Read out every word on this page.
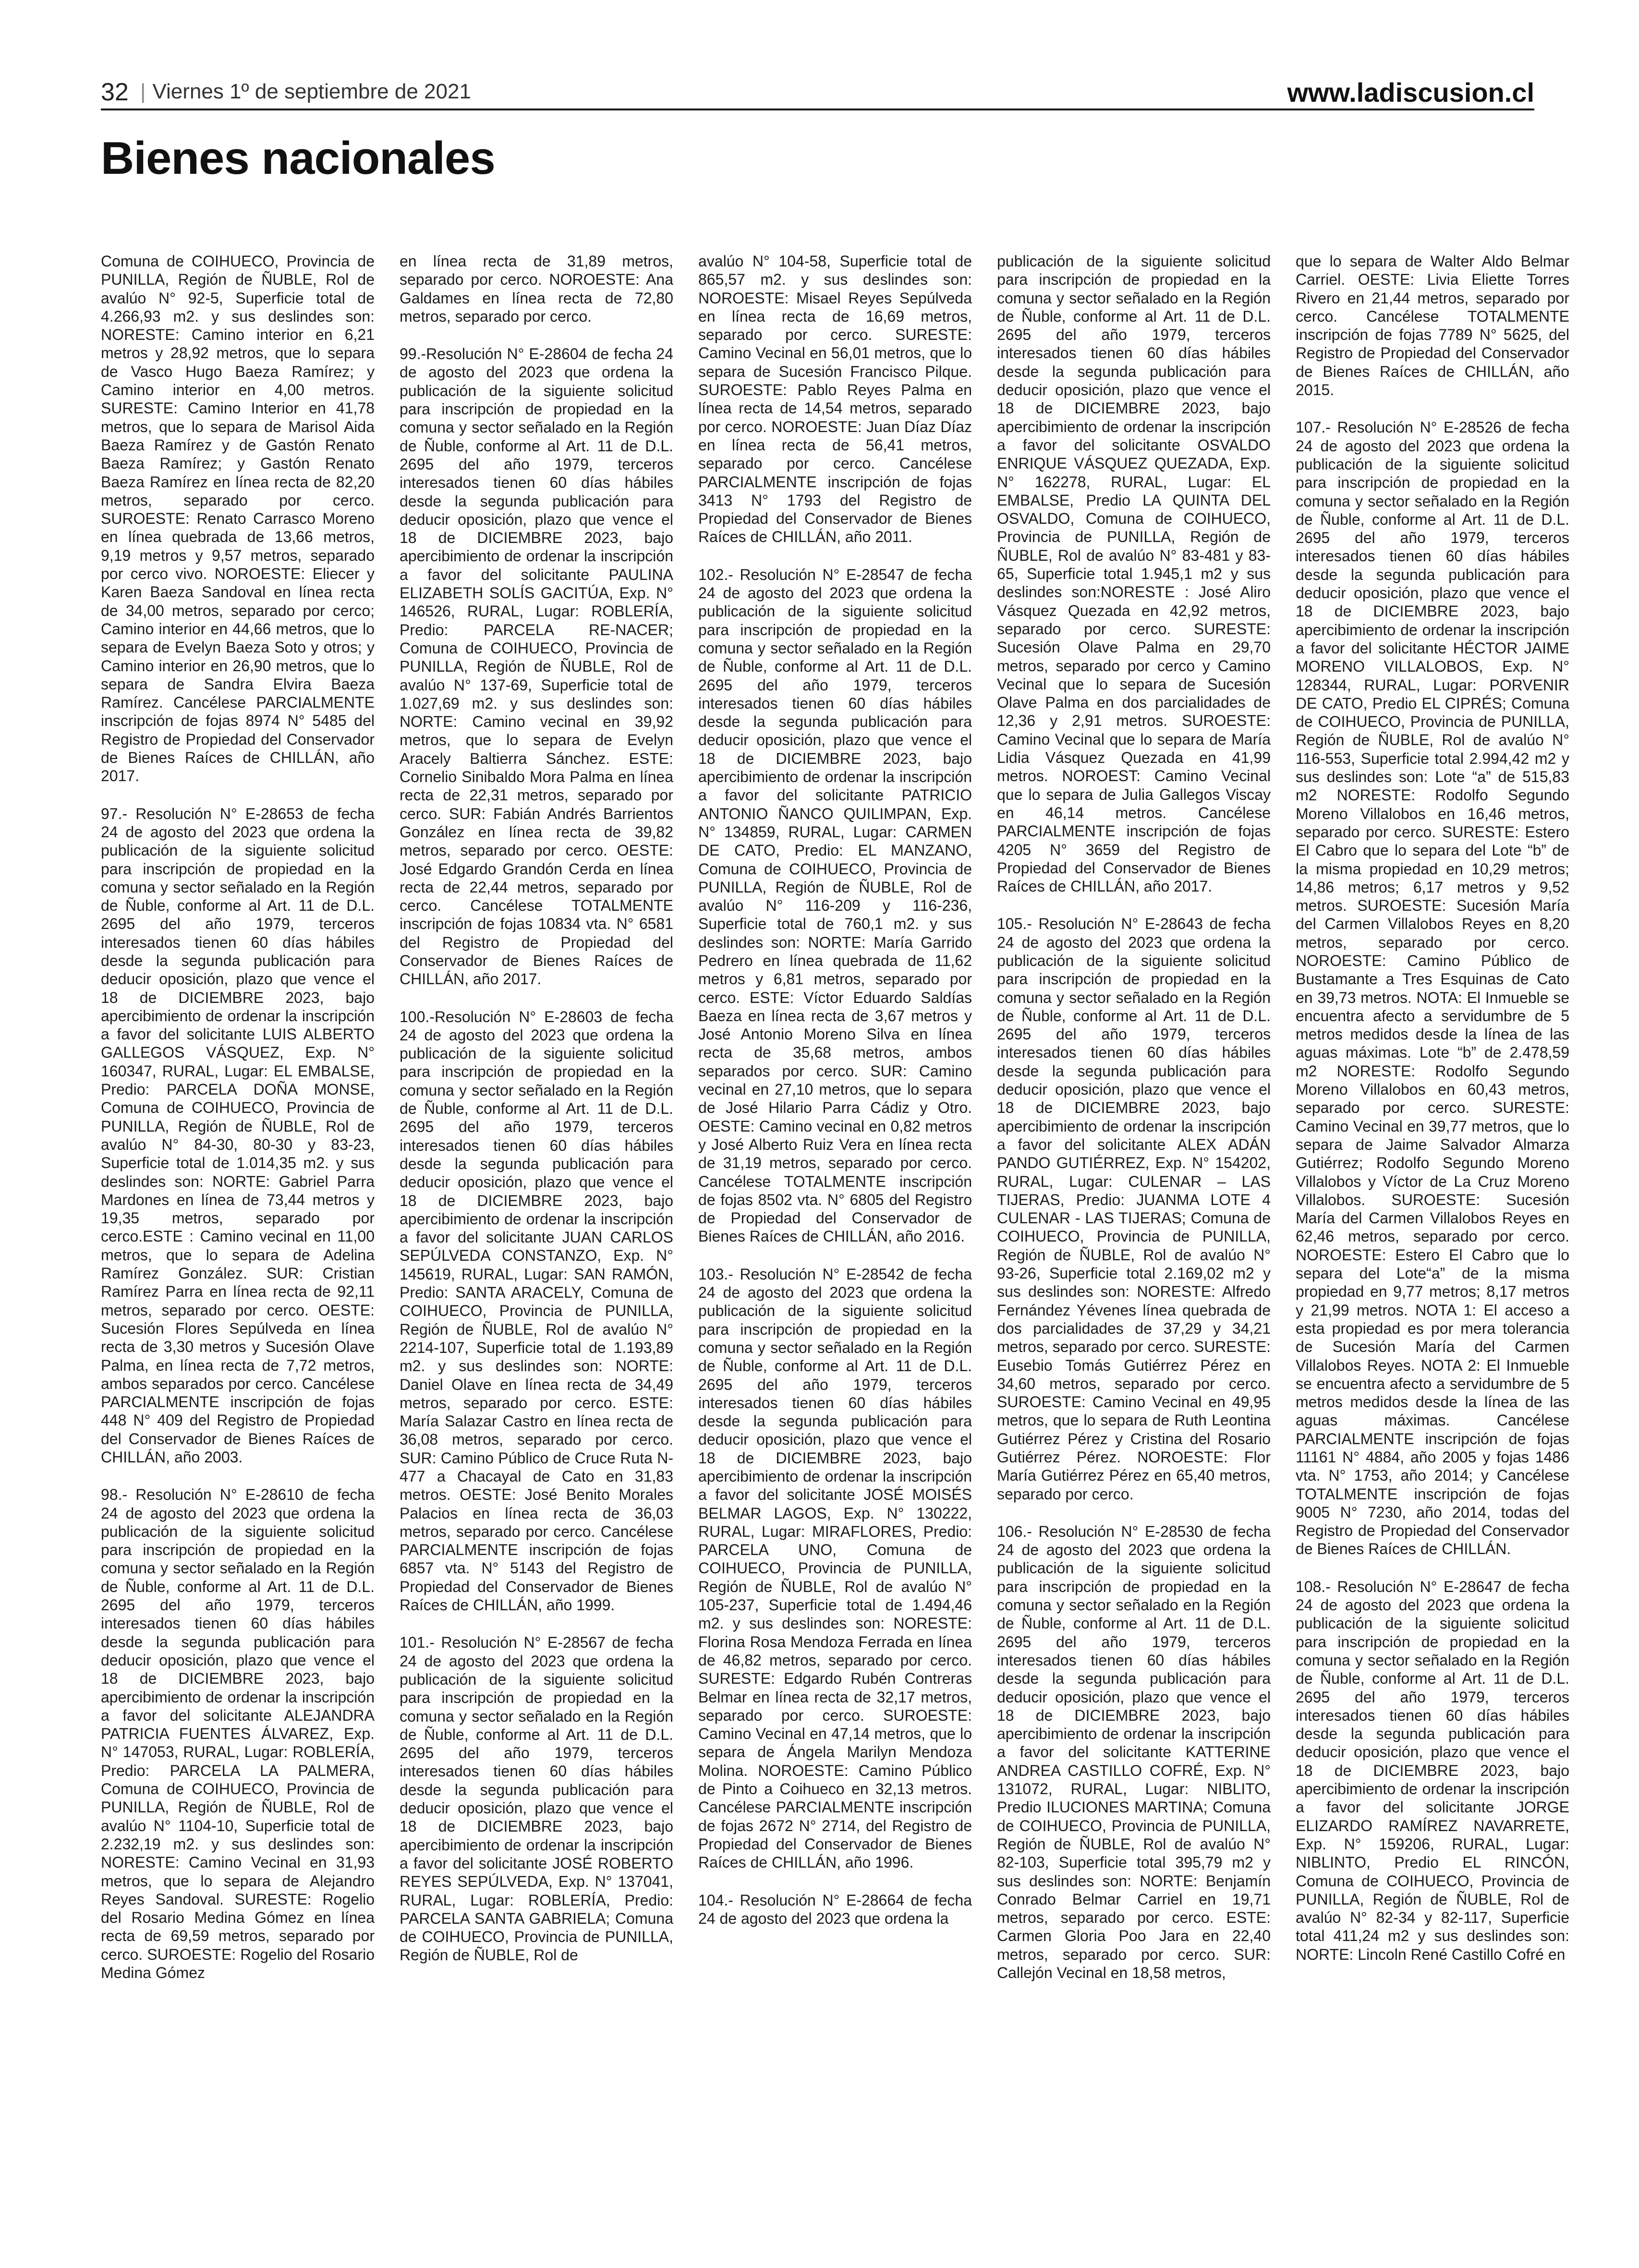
32 | Viernes 1º de septiembre de 2021	www.ladiscusion.cl
Bienes nacionales

Comuna de COIHUECO, Provincia de PUNILLA, Región de ÑUBLE, Rol de avalúo N° 92-5, Superficie total de 4.266,93 m2. y sus deslindes son: NORESTE: Camino interior en 6,21 metros y 28,92 metros, que lo separa de Vasco Hugo Baeza Ramírez; y Camino interior en 4,00 metros. SURESTE: Camino Interior en 41,78 metros, que lo separa de Marisol Aida Baeza Ramírez y de Gastón Renato Baeza Ramírez; y Gastón Renato Baeza Ramírez en línea recta de 82,20 metros, separado por cerco. SUROESTE: Renato Carrasco Moreno en línea quebrada de 13,66 metros, 9,19 metros y 9,57 metros, separado por cerco vivo. NOROESTE: Eliecer y Karen Baeza Sandoval en línea recta de 34,00 metros, separado por cerco; Camino interior en 44,66 metros, que lo separa de Evelyn Baeza Soto y otros; y Camino interior en 26,90 metros, que lo separa de Sandra Elvira Baeza Ramírez. Cancélese PARCIALMENTE inscripción de fojas 8974 N° 5485 del Registro de Propiedad del Conservador de Bienes Raíces de CHILLÁN, año 2017.

97.- Resolución N° E-28653 de fecha 24 de agosto del 2023 que ordena la publicación de la siguiente solicitud para inscripción de propiedad en la comuna y sector señalado en la Región de Ñuble, conforme al Art. 11 de D.L. 2695 del año 1979, terceros interesados tienen 60 días hábiles desde la segunda publicación para deducir oposición, plazo que vence el 18 de DICIEMBRE 2023, bajo apercibimiento de ordenar la inscripción a favor del solicitante LUIS ALBERTO GALLEGOS VÁSQUEZ, Exp. N° 160347, RURAL, Lugar: EL EMBALSE, Predio: PARCELA DOÑA MONSE, Comuna de COIHUECO, Provincia de PUNILLA, Región de ÑUBLE, Rol de avalúo N° 84-30, 80-30 y 83-23, Superficie total de 1.014,35 m2. y sus deslindes son: NORTE: Gabriel Parra Mardones en línea de 73,44 metros y 19,35 metros, separado por cerco.ESTE : Camino vecinal en 11,00 metros, que lo separa de Adelina Ramírez González. SUR: Cristian Ramírez Parra en línea recta de 92,11 metros, separado por cerco. OESTE: Sucesión Flores Sepúlveda en línea recta de 3,30 metros y Sucesión Olave Palma, en línea recta de 7,72 metros, ambos separados por cerco. Cancélese PARCIALMENTE inscripción de fojas 448 N° 409 del Registro de Propiedad del Conservador de Bienes Raíces de CHILLÁN, año 2003.

98.- Resolución N° E-28610 de fecha 24 de agosto del 2023 que ordena la publicación de la siguiente solicitud para inscripción de propiedad en la comuna y sector señalado en la Región de Ñuble, conforme al Art. 11 de D.L. 2695 del año 1979, terceros interesados tienen 60 días hábiles desde la segunda publicación para deducir oposición, plazo que vence el 18 de DICIEMBRE 2023, bajo apercibimiento de ordenar la inscripción a favor del solicitante ALEJANDRA PATRICIA FUENTES ÁLVAREZ, Exp. N° 147053, RURAL, Lugar: ROBLERÍA, Predio: PARCELA LA PALMERA, Comuna de COIHUECO, Provincia de PUNILLA, Región de ÑUBLE, Rol de avalúo N° 1104-10, Superficie total de 2.232,19 m2. y sus deslindes son: NORESTE: Camino Vecinal en 31,93 metros, que lo separa de Alejandro Reyes Sandoval. SURESTE: Rogelio del Rosario Medina Gómez en línea recta de 69,59 metros, separado por cerco. SUROESTE: Rogelio del Rosario Medina Gómez

en línea recta de 31,89 metros, separado por cerco. NOROESTE: Ana Galdames en línea recta de 72,80 metros, separado por cerco.

99.-Resolución N° E-28604 de fecha 24 de agosto del 2023 que ordena la publicación de la siguiente solicitud para inscripción de propiedad en la comuna y sector señalado en la Región de Ñuble, conforme al Art. 11 de D.L. 2695 del año 1979, terceros interesados tienen 60 días hábiles desde la segunda publicación para deducir oposición, plazo que vence el 18 de DICIEMBRE 2023, bajo apercibimiento de ordenar la inscripción a favor del solicitante PAULINA ELIZABETH SOLÍS GACITÚA, Exp. N° 146526, RURAL, Lugar: ROBLERÍA, Predio: PARCELA RE-NACER; Comuna de COIHUECO, Provincia de PUNILLA, Región de ÑUBLE, Rol de avalúo N° 137-69, Superficie total de 1.027,69 m2. y sus deslindes son: NORTE: Camino vecinal en 39,92 metros, que lo separa de Evelyn Aracely Baltierra Sánchez. ESTE: Cornelio Sinibaldo Mora Palma en línea recta de 22,31 metros, separado por cerco. SUR: Fabián Andrés Barrientos González en línea recta de 39,82 metros, separado por cerco. OESTE: José Edgardo Grandón Cerda en línea recta de 22,44 metros, separado por cerco. Cancélese TOTALMENTE inscripción de fojas 10834 vta. N° 6581 del Registro de Propiedad del Conservador de Bienes Raíces de CHILLÁN, año 2017.

100.-Resolución N° E-28603 de fecha 24 de agosto del 2023 que ordena la publicación de la siguiente solicitud para inscripción de propiedad en la comuna y sector señalado en la Región de Ñuble, conforme al Art. 11 de D.L. 2695 del año 1979, terceros interesados tienen 60 días hábiles desde la segunda publicación para deducir oposición, plazo que vence el 18 de DICIEMBRE 2023, bajo apercibimiento de ordenar la inscripción a favor del solicitante JUAN CARLOS SEPÚLVEDA CONSTANZO, Exp. N° 145619, RURAL, Lugar: SAN RAMÓN, Predio: SANTA ARACELY, Comuna de COIHUECO, Provincia de PUNILLA, Región de ÑUBLE, Rol de avalúo N° 2214-107, Superficie total de 1.193,89 m2. y sus deslindes son: NORTE: Daniel Olave en línea recta de 34,49 metros, separado por cerco. ESTE: María Salazar Castro en línea recta de 36,08 metros, separado por cerco. SUR: Camino Público de Cruce Ruta N-477 a Chacayal de Cato en 31,83 metros. OESTE: José Benito Morales Palacios en línea recta de 36,03 metros, separado por cerco. Cancélese PARCIALMENTE inscripción de fojas 6857 vta. N° 5143 del Registro de Propiedad del Conservador de Bienes Raíces de CHILLÁN, año 1999.

101.- Resolución N° E-28567 de fecha 24 de agosto del 2023 que ordena la publicación de la siguiente solicitud para inscripción de propiedad en la comuna y sector señalado en la Región de Ñuble, conforme al Art. 11 de D.L. 2695 del año 1979, terceros interesados tienen 60 días hábiles desde la segunda publicación para deducir oposición, plazo que vence el 18 de DICIEMBRE 2023, bajo apercibimiento de ordenar la inscripción a favor del solicitante JOSÉ ROBERTO REYES SEPÚLVEDA, Exp. N° 137041, RURAL, Lugar: ROBLERÍA, Predio: PARCELA SANTA GABRIELA; Comuna de COIHUECO, Provincia de PUNILLA, Región de ÑUBLE, Rol de

avalúo N° 104-58, Superficie total de 865,57 m2. y sus deslindes son: NOROESTE: Misael Reyes Sepúlveda en línea recta de 16,69 metros, separado por cerco. SURESTE: Camino Vecinal en 56,01 metros, que lo separa de Sucesión Francisco Pilque. SUROESTE: Pablo Reyes Palma en línea recta de 14,54 metros, separado por cerco. NOROESTE: Juan Díaz Díaz en línea recta de 56,41 metros, separado por cerco. Cancélese PARCIALMENTE inscripción de fojas 3413 N° 1793 del Registro de Propiedad del Conservador de Bienes Raíces de CHILLÁN, año 2011.

102.- Resolución N° E-28547 de fecha 24 de agosto del 2023 que ordena la publicación de la siguiente solicitud para inscripción de propiedad en la comuna y sector señalado en la Región de Ñuble, conforme al Art. 11 de D.L. 2695 del año 1979, terceros interesados tienen 60 días hábiles desde la segunda publicación para deducir oposición, plazo que vence el 18 de DICIEMBRE 2023, bajo apercibimiento de ordenar la inscripción a favor del solicitante PATRICIO ANTONIO ÑANCO QUILIMPAN, Exp. N° 134859, RURAL, Lugar: CARMEN DE CATO, Predio: EL MANZANO, Comuna de COIHUECO, Provincia de PUNILLA, Región de ÑUBLE, Rol de avalúo N° 116-209 y 116-236, Superficie total de 760,1 m2. y sus deslindes son: NORTE: María Garrido Pedrero en línea quebrada de 11,62 metros y 6,81 metros, separado por cerco. ESTE: Víctor Eduardo Saldías Baeza en línea recta de 3,67 metros y José Antonio Moreno Silva en línea recta de 35,68 metros, ambos separados por cerco. SUR: Camino vecinal en 27,10 metros, que lo separa de José Hilario Parra Cádiz y Otro. OESTE: Camino vecinal en 0,82 metros y José Alberto Ruiz Vera en línea recta de 31,19 metros, separado por cerco. Cancélese TOTALMENTE inscripción de fojas 8502 vta. N° 6805 del Registro de Propiedad del Conservador de Bienes Raíces de CHILLÁN, año 2016.

103.- Resolución N° E-28542 de fecha 24 de agosto del 2023 que ordena la publicación de la siguiente solicitud para inscripción de propiedad en la comuna y sector señalado en la Región de Ñuble, conforme al Art. 11 de D.L. 2695 del año 1979, terceros interesados tienen 60 días hábiles desde la segunda publicación para deducir oposición, plazo que vence el 18 de DICIEMBRE 2023, bajo apercibimiento de ordenar la inscripción a favor del solicitante JOSÉ MOISÉS BELMAR LAGOS, Exp. N° 130222, RURAL, Lugar: MIRAFLORES, Predio: PARCELA UNO, Comuna de COIHUECO, Provincia de PUNILLA, Región de ÑUBLE, Rol de avalúo N° 105-237, Superficie total de 1.494,46 m2. y sus deslindes son: NORESTE: Florina Rosa Mendoza Ferrada en línea de 46,82 metros, separado por cerco. SURESTE: Edgardo Rubén Contreras Belmar en línea recta de 32,17 metros, separado por cerco. SUROESTE: Camino Vecinal en 47,14 metros, que lo separa de Ángela Marilyn Mendoza Molina. NOROESTE: Camino Público de Pinto a Coihueco en 32,13 metros. Cancélese PARCIALMENTE inscripción de fojas 2672 N° 2714, del Registro de Propiedad del Conservador de Bienes Raíces de CHILLÁN, año 1996.

104.- Resolución N° E-28664 de fecha 24 de agosto del 2023 que ordena la

publicación de la siguiente solicitud para inscripción de propiedad en la comuna y sector señalado en la Región de Ñuble, conforme al Art. 11 de D.L. 2695 del año 1979, terceros interesados tienen 60 días hábiles desde la segunda publicación para deducir oposición, plazo que vence el 18 de DICIEMBRE 2023, bajo apercibimiento de ordenar la inscripción a favor del solicitante OSVALDO ENRIQUE VÁSQUEZ QUEZADA, Exp. N° 162278, RURAL, Lugar: EL EMBALSE, Predio LA QUINTA DEL OSVALDO, Comuna de COIHUECO, Provincia de PUNILLA, Región de ÑUBLE, Rol de avalúo N° 83-481 y 83-65, Superficie total 1.945,1 m2 y sus deslindes son:NORESTE : José Aliro Vásquez Quezada en 42,92 metros, separado por cerco. SURESTE: Sucesión Olave Palma en 29,70 metros, separado por cerco y Camino Vecinal que lo separa de Sucesión Olave Palma en dos parcialidades de 12,36 y 2,91 metros. SUROESTE: Camino Vecinal que lo separa de María Lidia Vásquez Quezada en 41,99 metros. NOROEST: Camino Vecinal que lo separa de Julia Gallegos Viscay en 46,14 metros. Cancélese PARCIALMENTE inscripción de fojas 4205 N° 3659 del Registro de Propiedad del Conservador de Bienes Raíces de CHILLÁN, año 2017.

105.- Resolución N° E-28643 de fecha 24 de agosto del 2023 que ordena la publicación de la siguiente solicitud para inscripción de propiedad en la comuna y sector señalado en la Región de Ñuble, conforme al Art. 11 de D.L. 2695 del año 1979, terceros interesados tienen 60 días hábiles desde la segunda publicación para deducir oposición, plazo que vence el 18 de DICIEMBRE 2023, bajo apercibimiento de ordenar la inscripción a favor del solicitante ALEX ADÁN PANDO GUTIÉRREZ, Exp. N° 154202, RURAL, Lugar: CULENAR – LAS TIJERAS, Predio: JUANMA LOTE 4 CULENAR - LAS TIJERAS; Comuna de COIHUECO, Provincia de PUNILLA, Región de ÑUBLE, Rol de avalúo N° 93-26, Superficie total 2.169,02 m2 y sus deslindes son: NORESTE: Alfredo Fernández Yévenes línea quebrada de dos parcialidades de 37,29 y 34,21 metros, separado por cerco. SURESTE: Eusebio Tomás Gutiérrez Pérez en 34,60 metros, separado por cerco. SUROESTE: Camino Vecinal en 49,95 metros, que lo separa de Ruth Leontina Gutiérrez Pérez y Cristina del Rosario Gutiérrez Pérez. NOROESTE: Flor María Gutiérrez Pérez en 65,40 metros, separado por cerco.

106.- Resolución N° E-28530 de fecha 24 de agosto del 2023 que ordena la publicación de la siguiente solicitud para inscripción de propiedad en la comuna y sector señalado en la Región de Ñuble, conforme al Art. 11 de D.L. 2695 del año 1979, terceros interesados tienen 60 días hábiles desde la segunda publicación para deducir oposición, plazo que vence el 18 de DICIEMBRE 2023, bajo apercibimiento de ordenar la inscripción a favor del solicitante KATTERINE ANDREA CASTILLO COFRÉ, Exp. N° 131072, RURAL, Lugar: NIBLITO, Predio ILUCIONES MARTINA; Comuna de COIHUECO, Provincia de PUNILLA, Región de ÑUBLE, Rol de avalúo N° 82-103, Superficie total 395,79 m2 y sus deslindes son: NORTE: Benjamín Conrado Belmar Carriel en 19,71 metros, separado por cerco. ESTE: Carmen Gloria Poo Jara en 22,40 metros, separado por cerco. SUR: Callejón Vecinal en 18,58 metros,

que lo separa de Walter Aldo Belmar Carriel. OESTE: Livia Eliette Torres Rivero en 21,44 metros, separado por cerco. Cancélese TOTALMENTE inscripción de fojas 7789 N° 5625, del Registro de Propiedad del Conservador de Bienes Raíces de CHILLÁN, año 2015.

107.- Resolución N° E-28526 de fecha 24 de agosto del 2023 que ordena la publicación de la siguiente solicitud para inscripción de propiedad en la comuna y sector señalado en la Región de Ñuble, conforme al Art. 11 de D.L. 2695 del año 1979, terceros interesados tienen 60 días hábiles desde la segunda publicación para deducir oposición, plazo que vence el 18 de DICIEMBRE 2023, bajo apercibimiento de ordenar la inscripción a favor del solicitante HÉCTOR JAIME MORENO VILLALOBOS, Exp. N° 128344, RURAL, Lugar: PORVENIR DE CATO, Predio EL CIPRÉS; Comuna de COIHUECO, Provincia de PUNILLA, Región de ÑUBLE, Rol de avalúo N° 116-553, Superficie total 2.994,42 m2 y sus deslindes son: Lote “a” de 515,83 m2 NORESTE: Rodolfo Segundo Moreno Villalobos en 16,46 metros, separado por cerco. SURESTE: Estero El Cabro que lo separa del Lote “b” de la misma propiedad en 10,29 metros; 14,86 metros; 6,17 metros y 9,52 metros. SUROESTE: Sucesión María del Carmen Villalobos Reyes en 8,20 metros, separado por cerco. NOROESTE: Camino Público de Bustamante a Tres Esquinas de Cato en 39,73 metros. NOTA: El Inmueble se encuentra afecto a servidumbre de 5 metros medidos desde la línea de las aguas máximas. Lote “b” de 2.478,59 m2 NORESTE: Rodolfo Segundo Moreno Villalobos en 60,43 metros, separado por cerco. SURESTE: Camino Vecinal en 39,77 metros, que lo separa de Jaime Salvador Almarza Gutiérrez; Rodolfo Segundo Moreno Villalobos y Víctor de La Cruz Moreno Villalobos. SUROESTE: Sucesión María del Carmen Villalobos Reyes en 62,46 metros, separado por cerco. NOROESTE: Estero El Cabro que lo separa del Lote“a” de la misma propiedad en 9,77 metros; 8,17 metros y 21,99 metros. NOTA 1: El acceso a esta propiedad es por mera tolerancia de Sucesión María del Carmen Villalobos Reyes. NOTA 2: El Inmueble se encuentra afecto a servidumbre de 5 metros medidos desde la línea de las aguas máximas. Cancélese PARCIALMENTE inscripción de fojas 11161 N° 4884, año 2005 y fojas 1486 vta. N° 1753, año 2014; y Cancélese TOTALMENTE inscripción de fojas 9005 N° 7230, año 2014, todas del Registro de Propiedad del Conservador de Bienes Raíces de CHILLÁN.

108.- Resolución N° E-28647 de fecha 24 de agosto del 2023 que ordena la publicación de la siguiente solicitud para inscripción de propiedad en la comuna y sector señalado en la Región de Ñuble, conforme al Art. 11 de D.L. 2695 del año 1979, terceros interesados tienen 60 días hábiles desde la segunda publicación para deducir oposición, plazo que vence el 18 de DICIEMBRE 2023, bajo apercibimiento de ordenar la inscripción a favor del solicitante JORGE ELIZARDO RAMÍREZ NAVARRETE, Exp. N° 159206, RURAL, Lugar: NIBLINTO, Predio EL RINCÓN, Comuna de COIHUECO, Provincia de PUNILLA, Región de ÑUBLE, Rol de avalúo N° 82-34 y 82-117, Superficie total 411,24 m2 y sus deslindes son: NORTE: Lincoln René Castillo Cofré en
